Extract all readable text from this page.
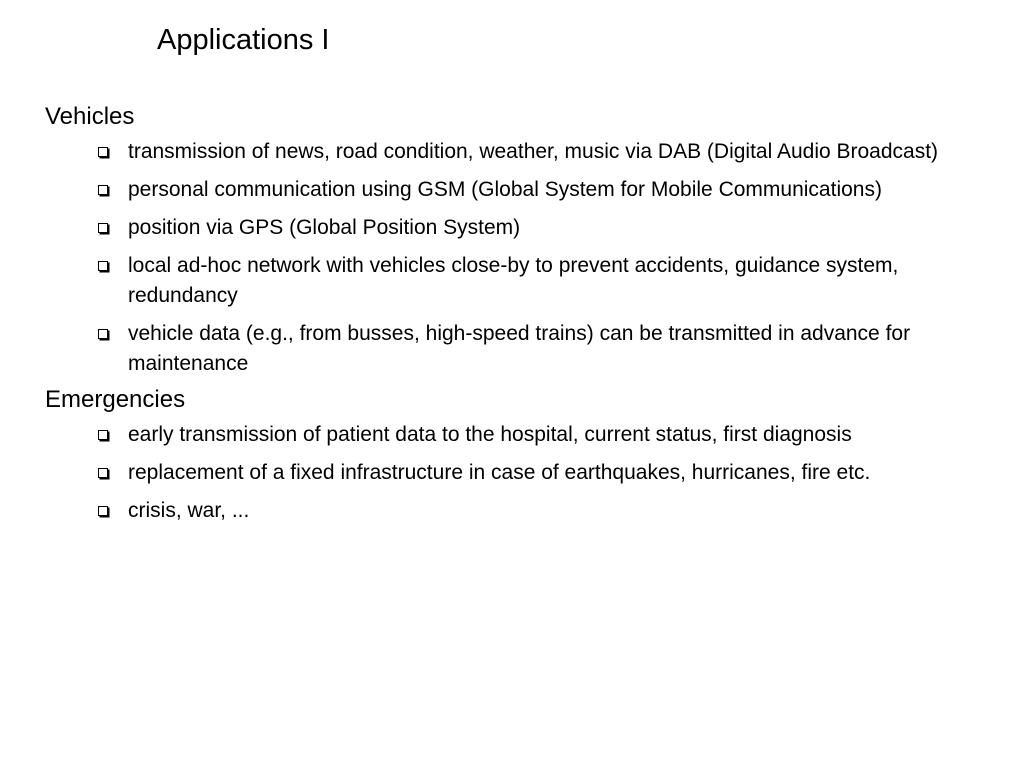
Applications I
Vehicles
transmission of news, road condition, weather, music via DAB (Digital Audio Broadcast)
personal communication using GSM (Global System for Mobile Communications)
position via GPS (Global Position System)
local ad-hoc network with vehicles close-by to prevent accidents, guidance system, redundancy
vehicle data (e.g., from busses, high-speed trains) can be transmitted in advance for maintenance
Emergencies
early transmission of patient data to the hospital, current status, first diagnosis
replacement of a fixed infrastructure in case of earthquakes, hurricanes, fire etc.
crisis, war, ...
